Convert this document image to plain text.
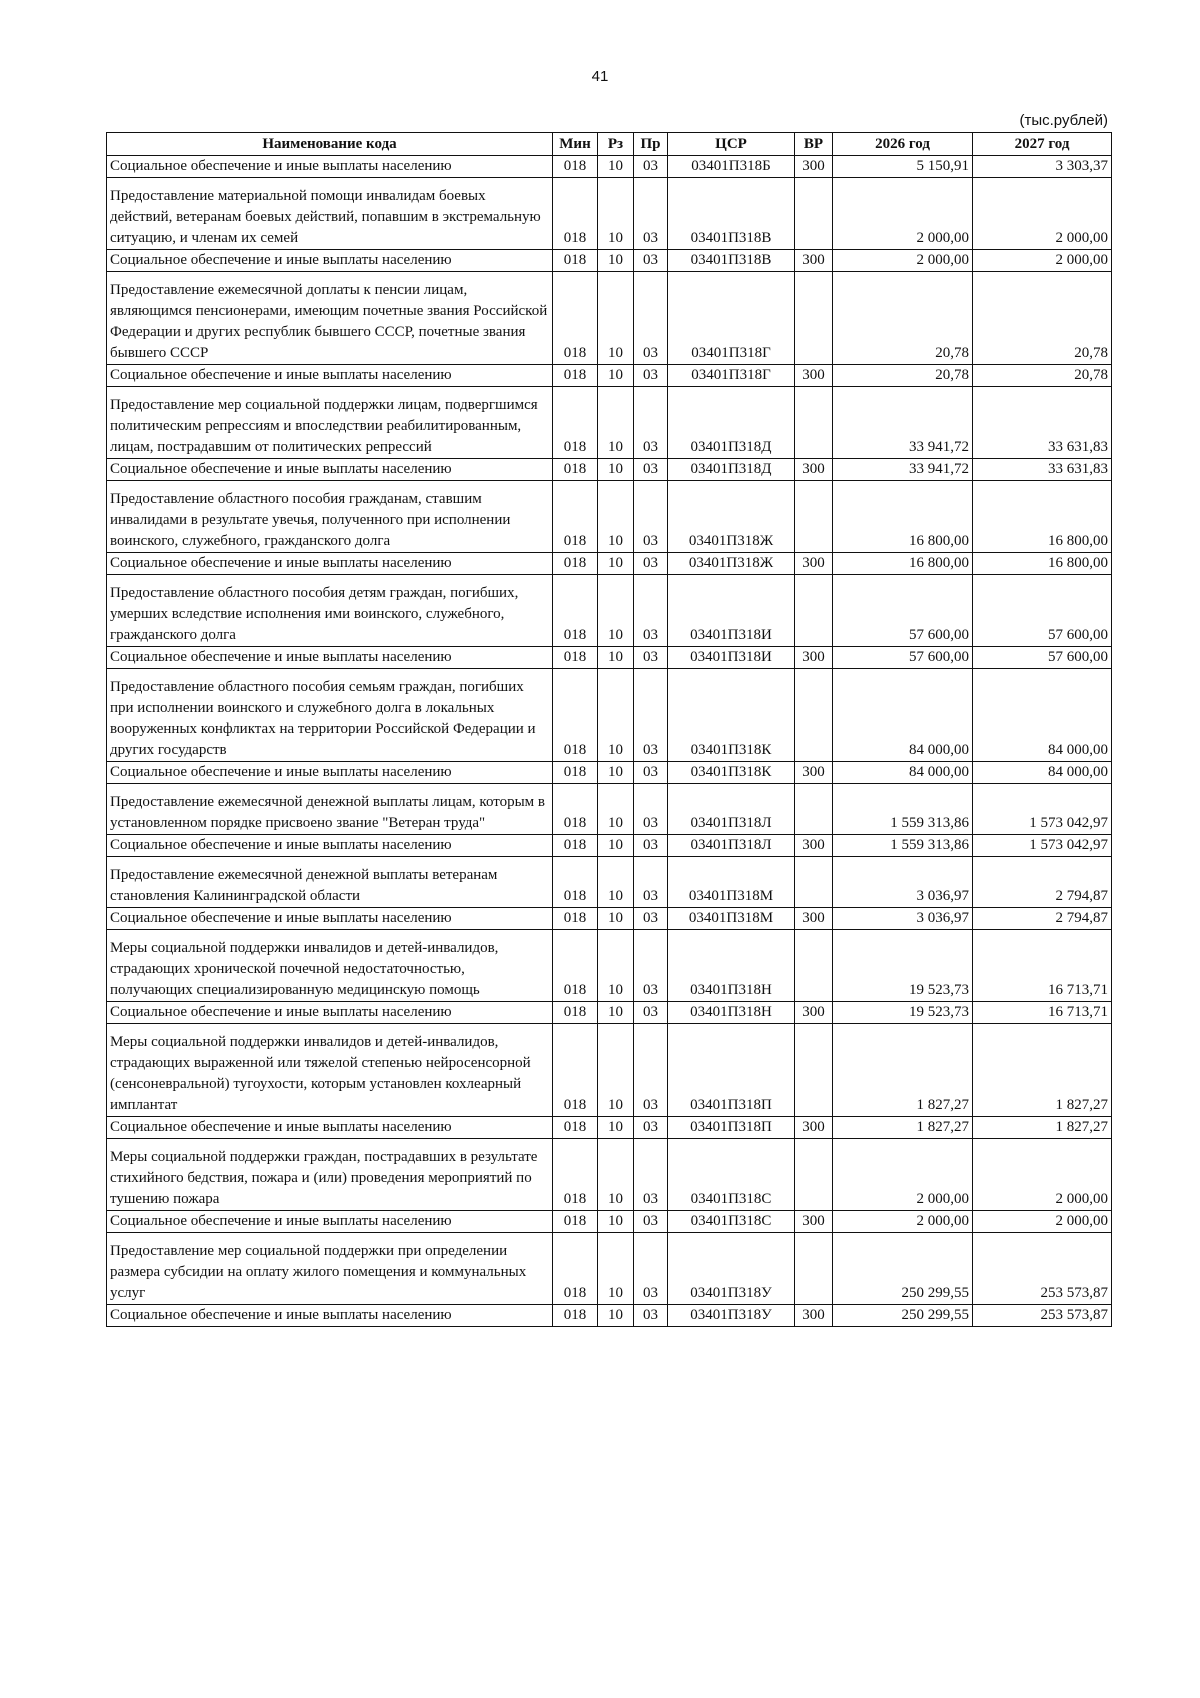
41
(тыс.рублей)
Наименование кода	Мин	Рз	Пр	ЦСР	ВР	2026 год	2027 год
Социальное обеспечение и иные выплаты населению	018	10	03	03401П318Б	300	5 150,91	3 303,37
Предоставление материальной помощи инвалидам боевых действий, ветеранам боевых действий, попавшим в экстремальную ситуацию, и членам их семей	018	10	03	03401П318В		2 000,00	2 000,00
Социальное обеспечение и иные выплаты населению	018	10	03	03401П318В	300	2 000,00	2 000,00
Предоставление ежемесячной доплаты к пенсии лицам, являющимся пенсионерами, имеющим почетные звания Российской Федерации и других республик бывшего СССР, почетные звания бывшего СССР	018	10	03	03401П318Г		20,78	20,78
Социальное обеспечение и иные выплаты населению	018	10	03	03401П318Г	300	20,78	20,78
Предоставление мер социальной поддержки лицам, подвергшимся политическим репрессиям и впоследствии реабилитированным, лицам, пострадавшим от политических репрессий	018	10	03	03401П318Д		33 941,72	33 631,83
Социальное обеспечение и иные выплаты населению	018	10	03	03401П318Д	300	33 941,72	33 631,83
Предоставление областного пособия гражданам, ставшим инвалидами в результате увечья, полученного при исполнении воинского, служебного, гражданского долга	018	10	03	03401П318Ж		16 800,00	16 800,00
Социальное обеспечение и иные выплаты населению	018	10	03	03401П318Ж	300	16 800,00	16 800,00
Предоставление областного пособия детям граждан, погибших, умерших вследствие исполнения ими воинского, служебного, гражданского долга	018	10	03	03401П318И		57 600,00	57 600,00
Социальное обеспечение и иные выплаты населению	018	10	03	03401П318И	300	57 600,00	57 600,00
Предоставление областного пособия семьям граждан, погибших при исполнении воинского и служебного долга в локальных вооруженных конфликтах на территории Российской Федерации и других государств	018	10	03	03401П318К		84 000,00	84 000,00
Социальное обеспечение и иные выплаты населению	018	10	03	03401П318К	300	84 000,00	84 000,00
Предоставление ежемесячной денежной выплаты лицам, которым в установленном порядке присвоено звание "Ветеран труда"	018	10	03	03401П318Л		1 559 313,86	1 573 042,97
Социальное обеспечение и иные выплаты населению	018	10	03	03401П318Л	300	1 559 313,86	1 573 042,97
Предоставление ежемесячной денежной выплаты ветеранам становления Калининградской области	018	10	03	03401П318М		3 036,97	2 794,87
Социальное обеспечение и иные выплаты населению	018	10	03	03401П318М	300	3 036,97	2 794,87
Меры социальной поддержки инвалидов и детей-инвалидов, страдающих хронической почечной недостаточностью, получающих специализированную медицинскую помощь	018	10	03	03401П318Н		19 523,73	16 713,71
Социальное обеспечение и иные выплаты населению	018	10	03	03401П318Н	300	19 523,73	16 713,71
Меры социальной поддержки инвалидов и детей-инвалидов, страдающих выраженной или тяжелой степенью нейросенсорной (сенсоневральной) тугоухости, которым установлен кохлеарный имплантат	018	10	03	03401П318П		1 827,27	1 827,27
Социальное обеспечение и иные выплаты населению	018	10	03	03401П318П	300	1 827,27	1 827,27
Меры социальной поддержки граждан, пострадавших в результате стихийного бедствия, пожара и (или) проведения мероприятий по тушению пожара	018	10	03	03401П318С		2 000,00	2 000,00
Социальное обеспечение и иные выплаты населению	018	10	03	03401П318С	300	2 000,00	2 000,00
Предоставление мер социальной поддержки при определении размера субсидии на оплату жилого помещения и коммунальных услуг	018	10	03	03401П318У		250 299,55	253 573,87
Социальное обеспечение и иные выплаты населению	018	10	03	03401П318У	300	250 299,55	253 573,87
